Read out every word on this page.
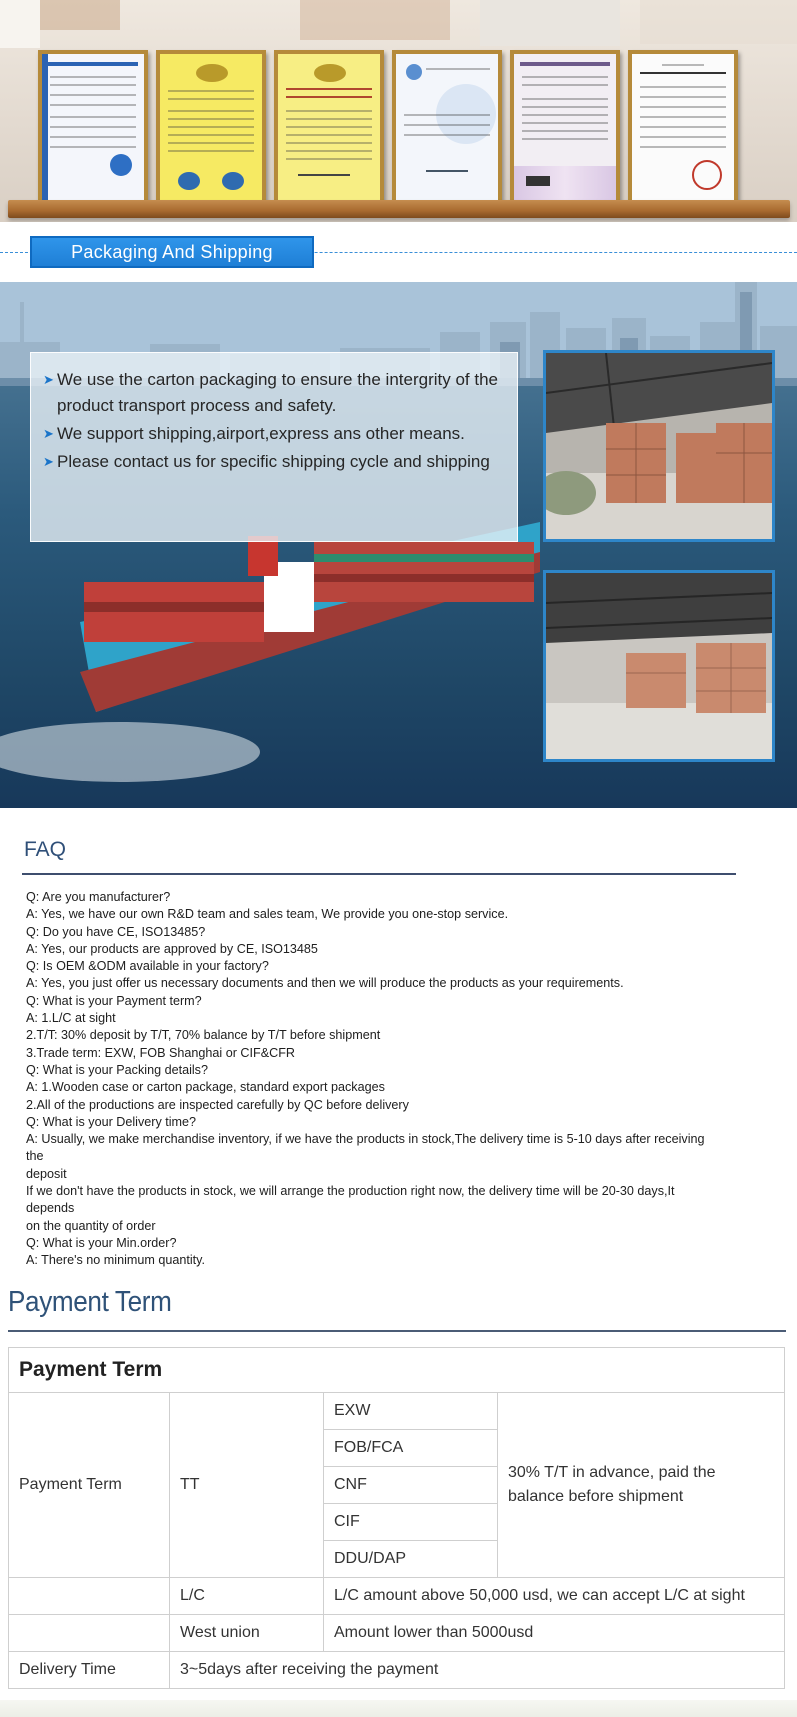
Packaging And Shipping
➤ We use the carton packaging to ensure the intergrity of the product transport process and safety.
➤ We support shipping,airport,express ans other means.
➤ Please contact us for specific shipping cycle and shipping
FAQ
Q: Are you manufacturer?
A: Yes, we have our own R&D team and sales team, We provide you one-stop service.
Q: Do you have CE, ISO13485?
A: Yes, our products are approved by CE, ISO13485
Q: Is OEM &ODM available in your factory?
A: Yes, you just offer us necessary documents and then we will produce the products as your requirements.
Q: What is your Payment term?
A: 1.L/C at sight
2.T/T: 30% deposit by T/T, 70% balance by T/T before shipment
3.Trade term: EXW, FOB Shanghai or CIF&CFR
Q: What is your Packing details?
A: 1.Wooden case or carton package, standard export packages
2.All of the productions are inspected carefully by QC before delivery
Q: What is your Delivery time?
A: Usually, we make merchandise inventory, if we have the products in stock,The delivery time is 5-10 days after receiving
the
deposit
If we don't have the products in stock, we will arrange the production right now, the delivery time will be 20-30 days,It
depends
on the quantity of order
Q: What is your Min.order?
A: There's no minimum quantity.
Payment Term
Payment Term			
Payment Term	TT	EXW	30% T/T in advance, paid the balance before shipment
		FOB/FCA	
		CNF	
		CIF	
		DDU/DAP	
	L/C	L/C amount above 50,000 usd, we can accept L/C at sight	
	West union	Amount lower than 5000usd	
Delivery Time	3~5days after receiving the payment		
